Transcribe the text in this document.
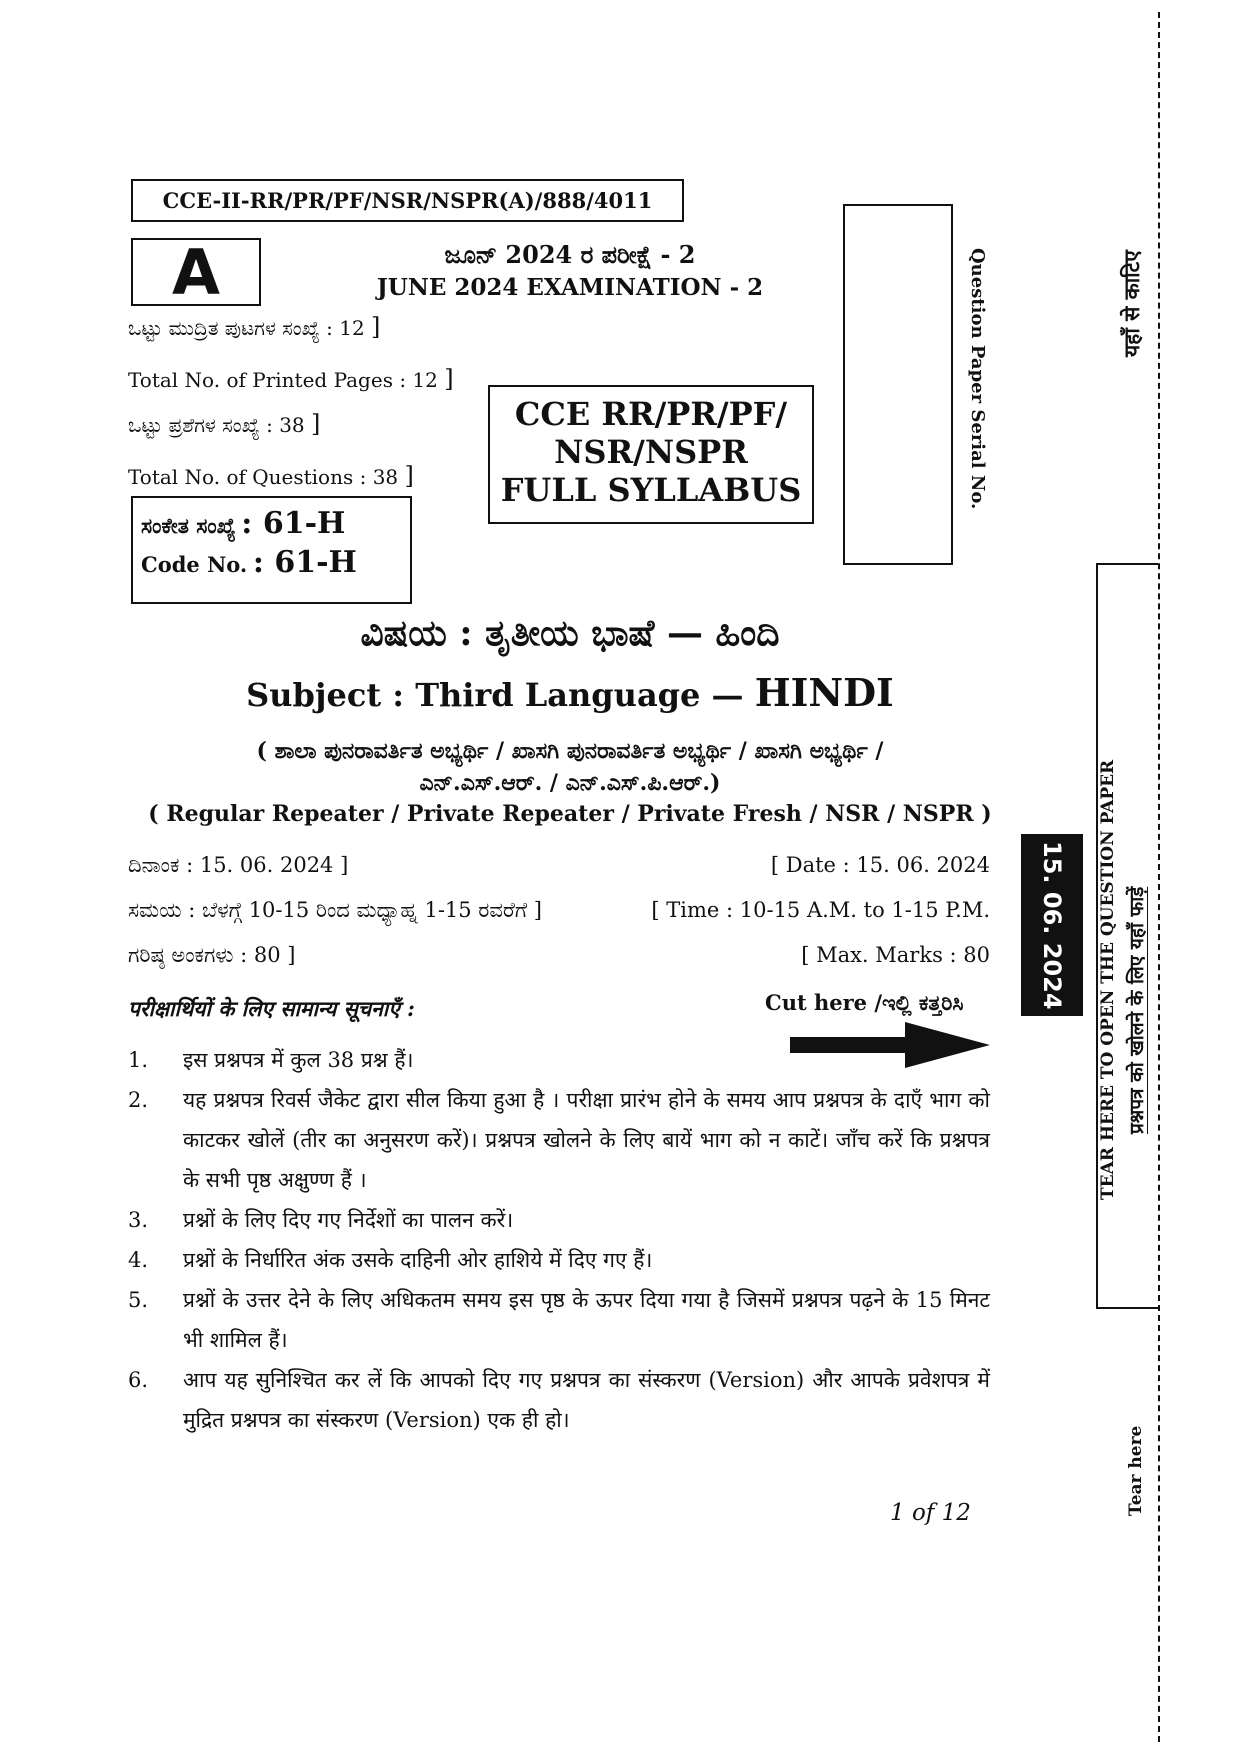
CCE-II-RR/PR/PF/NSR/NSPR(A)/888/4011
A	ಜೂನ್ 2024 ರ ಪರೀಕ್ಷೆ - 2
JUNE 2024 EXAMINATION - 2
ಒಟ್ಟು ಮುದ್ರಿತ ಪುಟಗಳ ಸಂಖ್ಯೆ : 12 ]
Total No. of Printed Pages : 12 ]
ಒಟ್ಟು ಪ್ರಶೆಗಳ ಸಂಖ್ಯೆ : 38 ]
Total No. of Questions : 38 ]
CCE RR/PR/PF/
NSR/NSPR
FULL SYLLABUS
ಸಂಕೇತ ಸಂಖ್ಯೆ : 61-H
Code No. : 61-H
Question Paper Serial No.
ವಿಷಯ : ತೃತೀಯ ಭಾಷೆ — ಹಿಂದಿ
Subject : Third Language — HINDI
( ಶಾಲಾ ಪುನರಾವರ್ತಿತ ಅಭ್ಯರ್ಥಿ / ಖಾಸಗಿ ಪುನರಾವರ್ತಿತ ಅಭ್ಯರ್ಥಿ / ಖಾಸಗಿ ಅಭ್ಯರ್ಥಿ /
ಎನ್.ಎಸ್.ಆರ್. / ಎನ್.ಎಸ್.ಪಿ.ಆರ್.)
( Regular Repeater / Private Repeater / Private Fresh / NSR / NSPR )
ದಿನಾಂಕ : 15. 06. 2024 ]	[ Date : 15. 06. 2024
ಸಮಯ : ಬೆಳಗ್ಗೆ 10-15 ರಿಂದ ಮಧ್ಯಾಹ್ನ 1-15 ರವರೆಗೆ ]	[ Time : 10-15 A.M. to 1-15 P.M.
ಗರಿಷ್ಠ ಅಂಕಗಳು : 80 ]	[ Max. Marks : 80
परीक्षार्थियों के लिए सामान्य सूचनाएँ :	Cut here /ಇಲ್ಲಿ ಕತ್ತರಿಸಿ
1.	इस प्रश्नपत्र में कुल 38 प्रश्न हैं।
2.	यह प्रश्नपत्र रिवर्स जैकेट द्वारा सील किया हुआ है । परीक्षा प्रारंभ होने के समय आप प्रश्नपत्र के दाएँ भाग को काटकर खोलें (तीर का अनुसरण करें)। प्रश्नपत्र खोलने के लिए बायें भाग को न काटें। जाँच करें कि प्रश्नपत्र के सभी पृष्ठ अक्षुण्ण हैं ।
3.	प्रश्नों के लिए दिए गए निर्देशों का पालन करें।
4.	प्रश्नों के निर्धारित अंक उसके दाहिनी ओर हाशिये में दिए गए हैं।
5.	प्रश्नों के उत्तर देने के लिए अधिकतम समय इस पृष्ठ के ऊपर दिया गया है जिसमें प्रश्नपत्र पढ़ने के 15 मिनट भी शामिल हैं।
6.	आप यह सुनिश्चित कर लें कि आपको दिए गए प्रश्नपत्र का संस्करण (Version) और आपके प्रवेशपत्र में मुद्रित प्रश्नपत्र का संस्करण (Version) एक ही हो।
1 of 12
15. 06. 2024 TEAR HERE TO OPEN THE QUESTION PAPER प्रश्नपत्र को खोलने के लिए यहाँ फाड़ें
यहाँ से काटिए
Tear here
